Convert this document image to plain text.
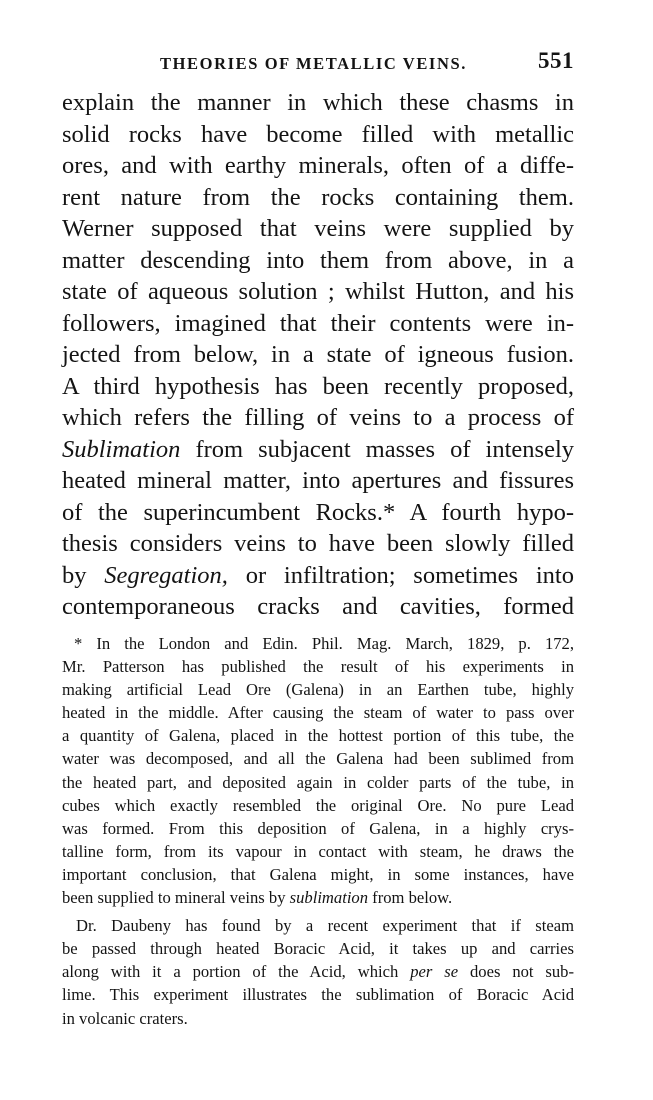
THEORIES OF METALLIC VEINS.	551
explain the manner in which these chasms in
solid rocks have become filled with metallic
ores, and with earthy minerals, often of a diffe-
rent nature from the rocks containing them.
Werner supposed that veins were supplied by
matter descending into them from above, in a
state of aqueous solution ; whilst Hutton, and his
followers, imagined that their contents were in-
jected from below, in a state of igneous fusion.
A third hypothesis has been recently proposed,
which refers the filling of veins to a process of
Sublimation from subjacent masses of intensely
heated mineral matter, into apertures and fissures
of the superincumbent Rocks.* A fourth hypo-
thesis considers veins to have been slowly filled
by Segregation, or infiltration; sometimes into
contemporaneous cracks and cavities, formed
* In the London and Edin. Phil. Mag. March, 1829, p. 172,
Mr. Patterson has published the result of his experiments in
making artificial Lead Ore (Galena) in an Earthen tube, highly
heated in the middle. After causing the steam of water to pass over
a quantity of Galena, placed in the hottest portion of this tube, the
water was decomposed, and all the Galena had been sublimed from
the heated part, and deposited again in colder parts of the tube, in
cubes which exactly resembled the original Ore. No pure Lead
was formed. From this deposition of Galena, in a highly crys-
talline form, from its vapour in contact with steam, he draws the
important conclusion, that Galena might, in some instances, have
been supplied to mineral veins by sublimation from below.
Dr. Daubeny has found by a recent experiment that if steam
be passed through heated Boracic Acid, it takes up and carries
along with it a portion of the Acid, which per se does not sub-
lime. This experiment illustrates the sublimation of Boracic Acid
in volcanic craters.
